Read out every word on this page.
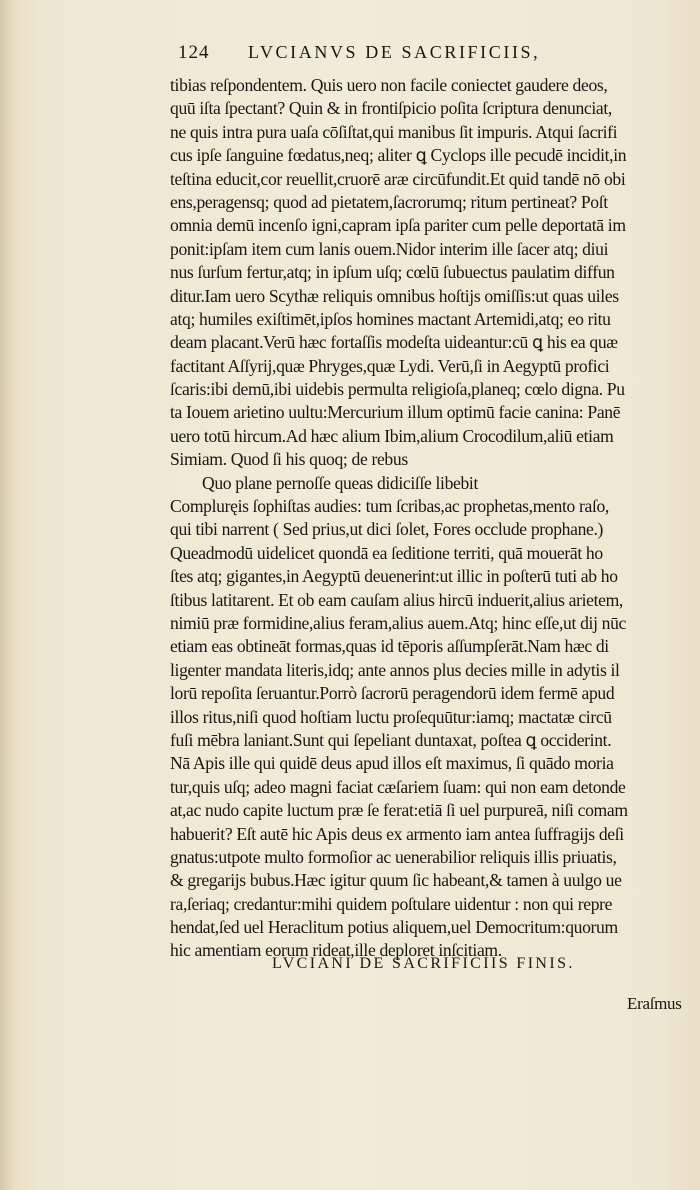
124 LVCIANVS DE SACRIFICIIS,
tibias reſpondentem. Quis uero non facile coniectet gaudere deos,
quū iſta ſpectant? Quin & in frontiſpicio poſita ſcriptura denunciat,
ne quis intra pura uaſa cōſiſtat,qui manibus ſit impuris. Atqui ſacrifi
cus ipſe ſanguine fœdatus,neq; aliter ꝗ Cyclops ille pecudē incidit,in
teſtina educit,cor reuellit,cruorē aræ circūfundit.Et quid tandē nō obi
ens,peragensq; quod ad pietatem,ſacrorumq; ritum pertineat? Poſt
omnia demū incenſo igni,capram ipſa pariter cum pelle deportatā im
ponit:ipſam item cum lanis ouem.Nidor interim ille ſacer atq; diui
nus ſurſum fertur,atq; in ipſum uſq; cœlū ſubuectus paulatim diffun
ditur.Iam uero Scythæ reliquis omnibus hoſtijs omiſſis:ut quas uiles
atq; humiles exiſtimēt,ipſos homines mactant Artemidi,atq; eo ritu
deam placant.Verū hæc fortaſſis modeſta uideantur:cū ꝗ his ea quæ
factitant Aſſyrij,quæ Phryges,quæ Lydi. Verū,ſi in Aegyptū profici
ſcaris:ibi demū,ibi uidebis permulta religioſa,planeq; cœlo digna. Pu
ta Iouem arietino uultu:Mercurium illum optimū facie canina: Panē
uero totū hircum.Ad hæc alium Ibim,alium Crocodilum,aliū etiam
Simiam. Quod ſi his quoq; de rebus
Quo plane pernoſſe queas didiciſſe libebit
Compluręis ſophiſtas audies: tum ſcribas,ac prophetas,mento raſo,
qui tibi narrent ( Sed prius,ut dici ſolet, Fores occlude prophane.)
Queadmodū uidelicet quondā ea ſeditione territi, quā mouerāt ho
ſtes atq; gigantes,in Aegyptū deuenerint:ut illic in poſterū tuti ab ho
ſtibus latitarent. Et ob eam cauſam alius hircū induerit,alius arietem,
nimiū præ formidine,alius feram,alius auem.Atq; hinc eſſe,ut dij nūc
etiam eas obtineāt formas,quas id tēporis aſſumpſerāt.Nam hæc di
ligenter mandata literis,idq; ante annos plus decies mille in adytis il
lorū repoſita ſeruantur.Porrò ſacrorū peragendorū idem fermē apud
illos ritus,niſi quod hoſtiam luctu proſequūtur:iamq; mactatæ circū
fuſi mēbra laniant.Sunt qui ſepeliant duntaxat, poſtea ꝗ occiderint.
Nā Apis ille qui quidē deus apud illos eſt maximus, ſi quādo moria
tur,quis uſq; adeo magni faciat cæſariem ſuam: qui non eam detonde
at,ac nudo capite luctum præ ſe ferat:etiā ſi uel purpureā, niſi comam
habuerit? Eſt autē hic Apis deus ex armento iam antea ſuffragijs deſi
gnatus:utpote multo formoſior ac uenerabilior reliquis illis priuatis,
& gregarijs bubus.Hæc igitur quum ſic habeant,& tamen à uulgo ue
ra,ſeriaq; credantur:mihi quidem poſtulare uidentur : non qui repre
hendat,ſed uel Heraclitum potius aliquem,uel Democritum:quorum
hic amentiam eorum rideat,ille deploret inſcitiam.
LVCIANI DE SACRIFICIIS FINIS.
Eraſmus
